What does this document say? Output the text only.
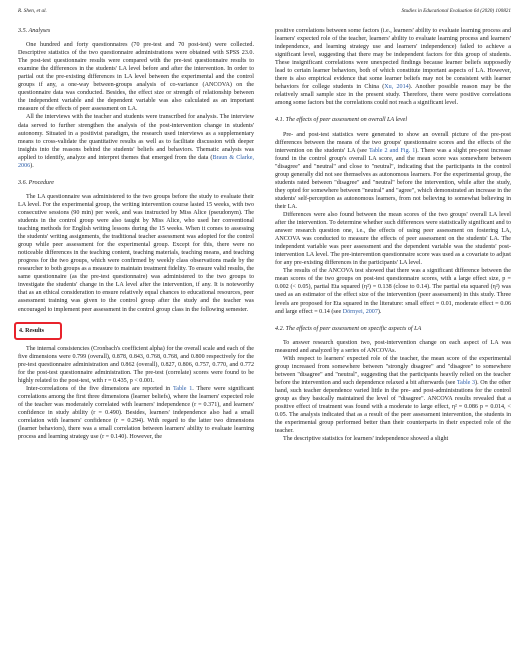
R. Shen, et al.	Studies in Educational Evaluation 64 (2020) 100821

3.5. Analyses

One hundred and forty questionnaires (70 pre-test and 70 post-test) were collected. Descriptive statistics of the two questionnaire administrations were obtained with SPSS 23.0. The post-test questionnaire results were compared with the pre-test questionnaire results to examine the differences in the students' LA level before and after the intervention. In order to partial out the pre-existing differences in LA level between the experimental and the control groups if any, a one-way between-groups analysis of co-variance (ANCOVA) on the questionnaire data was conducted. Besides, the effect size or strength of relationship between the independent variable and the dependent variable was also calculated as an important measure of the effects of peer assessment on LA.

All the interviews with the teacher and students were transcribed for analysis. The interview data served to further strengthen the analysis of the post-intervention change in students' autonomy. Situated in a positivist paradigm, the research used interviews as a supplementary means to cross-validate the quantitative results as well as to facilitate discussion with deeper insights into the reasons behind the students' beliefs and behaviors. Thematic analysis was applied to identify, analyze and interpret themes that emerged from the data (Braun & Clarke, 2006).

3.6. Procedure

The LA questionnaire was administered to the two groups before the study to evaluate their LA level. For the experimental group, the writing intervention course lasted 15 weeks, with two consecutive sessions (90 min) per week, and was instructed by Miss Alice (pseudonym). The students in the control group were also taught by Miss Alice, who used her conventional teaching methods for English writing lessons during the 15 weeks. When it comes to assessing the students' writing assignments, the traditional teacher assessment was adopted for the control group while peer assessment for the experimental group. Except for this, there were no noticeable differences in the teaching content, teaching materials, teaching means, and teaching progress for the two groups, which were confirmed by weekly class observations made by the researcher to both groups as a measure to maintain treatment fidelity. To ensure valid results, the same questionnaire (as the pre-test questionnaire) was administered to the two groups to investigate the students' change in the LA level after the intervention, if any. It is noteworthy that as an ethical consideration to ensure relatively equal chances to educational resources, peer assessment training was given to the control group after the study and the teacher was encouraged to implement peer assessment in the control group class in the following semester.

4. Results

The internal consistencies (Cronbach's coefficient alpha) for the overall scale and each of the five dimensions were 0.799 (overall), 0.878, 0.843, 0.768, 0.768, and 0.800 respectively for the pre-test questionnaire administration and 0.862 (overall), 0.827, 0.806, 0.757, 0.770, and 0.772 for the post-test questionnaire administration. The pre-test (correlate) scores were found to be highly related to the post-test, with r = 0.435, p < 0.001.

Inter-correlations of the five dimensions are reported in Table 1. There were significant correlations among the first three dimensions (learner beliefs), where the learners' expected role of the teacher was moderately correlated with learners' independence (r = 0.371), and learners' confidence in study ability (r = 0.490). Besides, learners' independence also had a small correlation with learners' confidence (r = 0.294). With regard to the latter two dimensions (learner behaviors), there was a small correlation between learners' ability to evaluate learning process and learning strategy use (r = 0.140). However, the

positive correlations between some factors (i.e., learners' ability to evaluate learning process and learners' expected role of the teacher, learners' ability to evaluate learning process and learners' independence, and learning strategy use and learners' independence) failed to achieve a significant level, suggesting that there may be independent factors for this group of students. These insignificant correlations were unexpected findings because learner beliefs supposedly lead to certain learner behaviors, both of which constitute important aspects of LA. However, there is also empirical evidence that some learner beliefs may not be consistent with learner behaviors for college students in China (Xu, 2014). Another possible reason may be the relatively small sample size in the present study. Therefore, there were positive correlations among some factors but the correlations could not reach a significant level.

4.1. The effects of peer assessment on overall LA level

Pre- and post-test statistics were generated to show an overall picture of the pre-post differences between the means of the two groups' questionnaire scores and the effects of the intervention on the students' LA (see Table 2 and Fig. 1). There was a slight pre-post increase found in the control group's overall LA score, and the mean score was somewhere between "disagree" and "neutral" and close to "neutral", indicating that the participants in the control group generally did not see themselves as autonomous learners. For the experimental group, the students rated between "disagree" and "neutral" before the intervention, while after the study, they opted for somewhere between "neutral" and "agree", which demonstrated an increase in the students' self-perception as autonomous learners, from not believing to somewhat believing in their LA.

Differences were also found between the mean scores of the two groups' overall LA level after the intervention. To determine whether such differences were statistically significant and to answer research question one, i.e., the effects of using peer assessment on fostering LA, ANCOVA was conducted to measure the effects of peer assessment on the students' LA. The independent variable was peer assessment and the dependent variable was the students' post-intervention LA level. The pre-intervention questionnaire score was used as a covariate to adjust for any pre-existing differences in the participants' LA level.

The results of the ANCOVA test showed that there was a significant difference between the mean scores of the two groups on post-test questionnaire scores, with a large effect size, p = 0.002 (< 0.05), partial Eta squared (η²) = 0.138 (close to 0.14). The partial eta squared (η²) was used as an estimator of the effect size of the intervention (peer assessment) in this study. Three levels are proposed for Eta squared in the literature: small effect = 0.01, moderate effect = 0.06 and large effect = 0.14 (see Dörnyei, 2007).

4.2. The effects of peer assessment on specific aspects of LA

To answer research question two, post-intervention change on each aspect of LA was measured and analyzed by a series of ANCOVAs.

With respect to learners' expected role of the teacher, the mean score of the experimental group increased from somewhere between "strongly disagree" and "disagree" to somewhere between "disagree" and "neutral", suggesting that the participants heavily relied on the teacher before the intervention and such dependence relaxed a bit afterwards (see Table 3). On the other hand, such teacher dependence varied little in the pre- and post-administrations for the control group as they basically maintained the level of "disagree". ANCOVA results revealed that a positive effect of treatment was found with a moderate to large effect, η² = 0.086 p = 0.014, < 0.05. The analysis indicated that as a result of the peer assessment intervention, the students in the experimental group performed better than their counterparts in their expected role of the teacher.

The descriptive statistics for learners' independence showed a slight
